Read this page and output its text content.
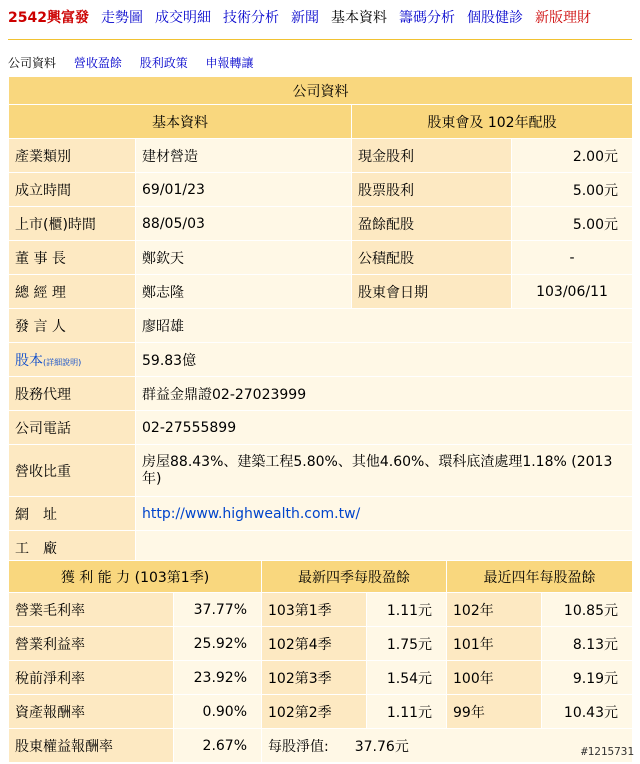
2542興富發 走勢圖 成交明細 技術分析 新聞 基本資料 籌碼分析 個股健診 新版理財
公司資料 營收盈餘 股利政策 申報轉讓
公司資料			
基本資料		股東會及 102年配股	
產業類別	建材營造	現金股利	2.00元
成立時間	69/01/23	股票股利	5.00元
上市(櫃)時間	88/05/03	盈餘配股	5.00元
董 事 長	鄭欽天	公積配股	-
總 經 理	鄭志隆	股東會日期	103/06/11
發 言 人	廖昭雄		
股本(詳細說明)	59.83億		
股務代理	群益金鼎證02-27023999		
公司電話	02-27555899		
營收比重	房屋88.43%、建築工程5.80%、其他4.60%、環科底渣處理1.18% (2013年)		
網　址	http://www.highwealth.com.tw/		
工　廠			
獲 利 能 力 (103第1季)		最新四季每股盈餘		最近四年每股盈餘	
營業毛利率	37.77%	103第1季	1.11元	102年	10.85元
營業利益率	25.92%	102第4季	1.75元	101年	8.13元
稅前淨利率	23.92%	102第3季	1.54元	100年	9.19元
資產報酬率	0.90%	102第2季	1.11元	99年	10.43元
股東權益報酬率	2.67%	每股淨值: 37.76元				#1215731
